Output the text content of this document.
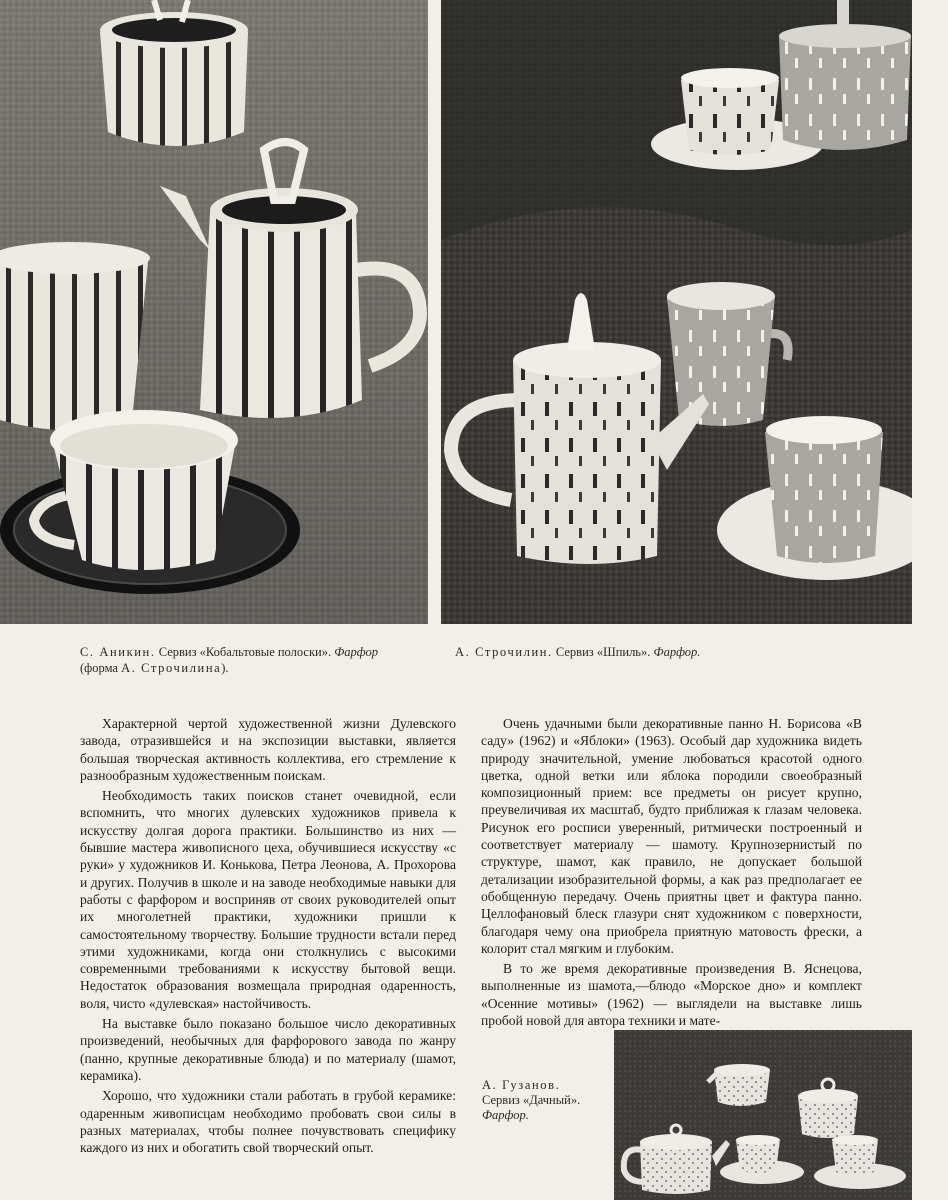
С. Аникин. Сервиз «Кобальтовые полоски». Фарфор
(форма А. Строчилина).
А. Строчилин. Сервиз «Шпиль». Фарфор.

Характерной чертой художественной жизни Дулевского завода, отразившейся и на экспозиции выставки, является большая творческая активность коллектива, его стремление к разнообразным художественным поискам.

Необходимость таких поисков станет очевидной, если вспомнить, что многих дулевских художников привела к искусству долгая дорога практики. Большинство из них — бывшие мастера живописного цеха, обучившиеся искусству «с руки» у художников И. Конькова, Петра Леонова, А. Прохорова и других. Получив в школе и на заводе необходимые навыки для работы с фарфором и восприняв от своих руководителей опыт их многолетней практики, художники пришли к самостоятельному творчеству. Большие трудности встали перед этими художниками, когда они столкнулись с высокими современными требованиями к искусству бытовой вещи. Недостаток образования возмещала природная одаренность, воля, чисто «дулевская» настойчивость.

На выставке было показано большое число декоративных произведений, необычных для фарфорового завода по жанру (панно, крупные декоративные блюда) и по материалу (шамот, керамика).

Хорошо, что художники стали работать в грубой керамике: одаренным живописцам необходимо пробовать свои силы в разных материалах, чтобы полнее почувствовать специфику каждого из них и обогатить свой творческий опыт.

Очень удачными были декоративные панно Н. Борисова «В саду» (1962) и «Яблоки» (1963). Особый дар художника видеть природу значительной, умение любоваться красотой одного цветка, одной ветки или яблока породили своеобразный композиционный прием: все предметы он рисует крупно, преувеличивая их масштаб, будто приближая к глазам человека. Рисунок его росписи уверенный, ритмически построенный и соответствует материалу — шамоту. Крупнозернистый по структуре, шамот, как правило, не допускает большой детализации изобразительной формы, а как раз предполагает ее обобщенную передачу. Очень приятны цвет и фактура панно. Целлофановый блеск глазури снят художником с поверхности, благодаря чему она приобрела приятную матовость фрески, а колорит стал мягким и глубоким.

В то же время декоративные произведения В. Яснецова, выполненные из шамота,—блюдо «Морское дно» и комплект «Осенние мотивы» (1962) — выглядели на выставке лишь пробой новой для автора техники и мате-

А. Гузанов.
Сервиз «Дачный».
Фарфор.
